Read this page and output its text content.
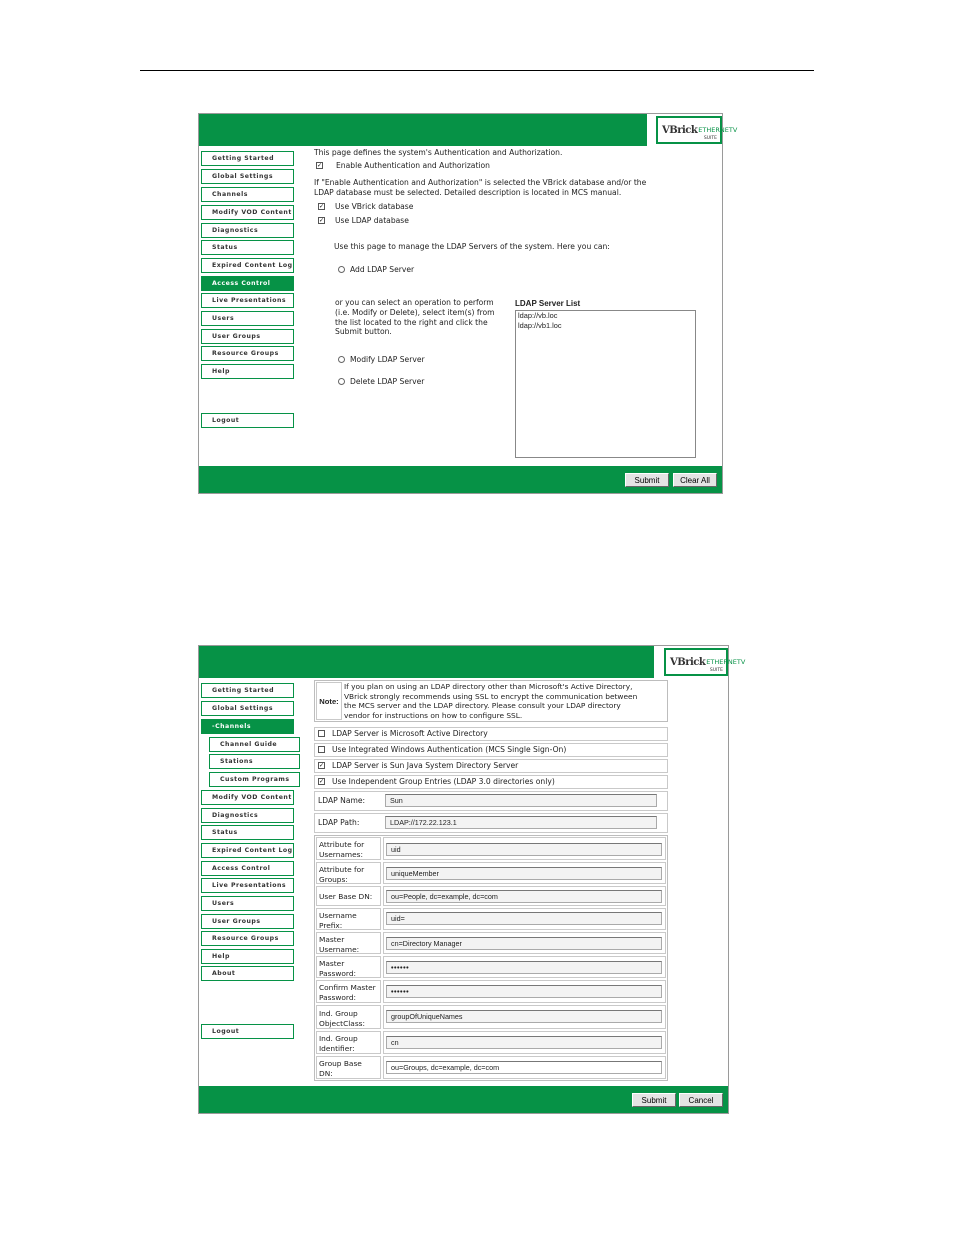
VBrick ETHERNETV
SUITE
Getting Started
Global Settings
Channels
Modify VOD Content
Diagnostics
Status
Expired Content Log
Access Control
Live Presentations
Users
User Groups
Resource Groups
Help
Logout
This page defines the system's Authentication and Authorization.
✓ Enable Authentication and Authorization
If "Enable Authentication and Authorization" is selected the VBrick database and/or the
LDAP database must be selected. Detailed description is located in MCS manual.
✓ Use VBrick database
✓ Use LDAP database
Use this page to manage the LDAP Servers of the system. Here you can:
Add LDAP Server
or you can select an operation to perform
(i.e. Modify or Delete), select item(s) from
the list located to the right and click the
Submit button.
Modify LDAP Server
Delete LDAP Server
LDAP Server List
ldap://vb.loc
ldap://vb1.loc
Submit	Clear All
VBrick ETHERNETV
SUITE
Getting Started
Global Settings
-Channels
Channel Guide
Stations
Custom Programs
Modify VOD Content
Diagnostics
Status
Expired Content Log
Access Control
Live Presentations
Users
User Groups
Resource Groups
Help
About
Logout
Note:
If you plan on using an LDAP directory other than Microsoft's Active Directory,
VBrick strongly recommends using SSL to encrypt the communication between
the MCS server and the LDAP directory. Please consult your LDAP directory
vendor for instructions on how to configure SSL.
LDAP Server is Microsoft Active Directory
Use Integrated Windows Authentication (MCS Single Sign-On)
✓ LDAP Server is Sun Java System Directory Server
✓ Use Independent Group Entries (LDAP 3.0 directories only)
LDAP Name:	Sun
LDAP Path:	LDAP://172.22.123.1
Attribute for
Usernames:	uid
Attribute for
Groups:
uniqueMember
User Base DN:	ou=People, dc=example, dc=com
Username
Prefix:
uid=
Master
Username:
cn=Directory Manager
Master
Password:
••••••
Confirm Master
Password:
••••••
Ind. Group
ObjectClass:
groupOfUniqueNames
Ind. Group
Identifier:
cn
Group Base
DN:
ou=Groups, dc=example, dc=com
Submit	Cancel
